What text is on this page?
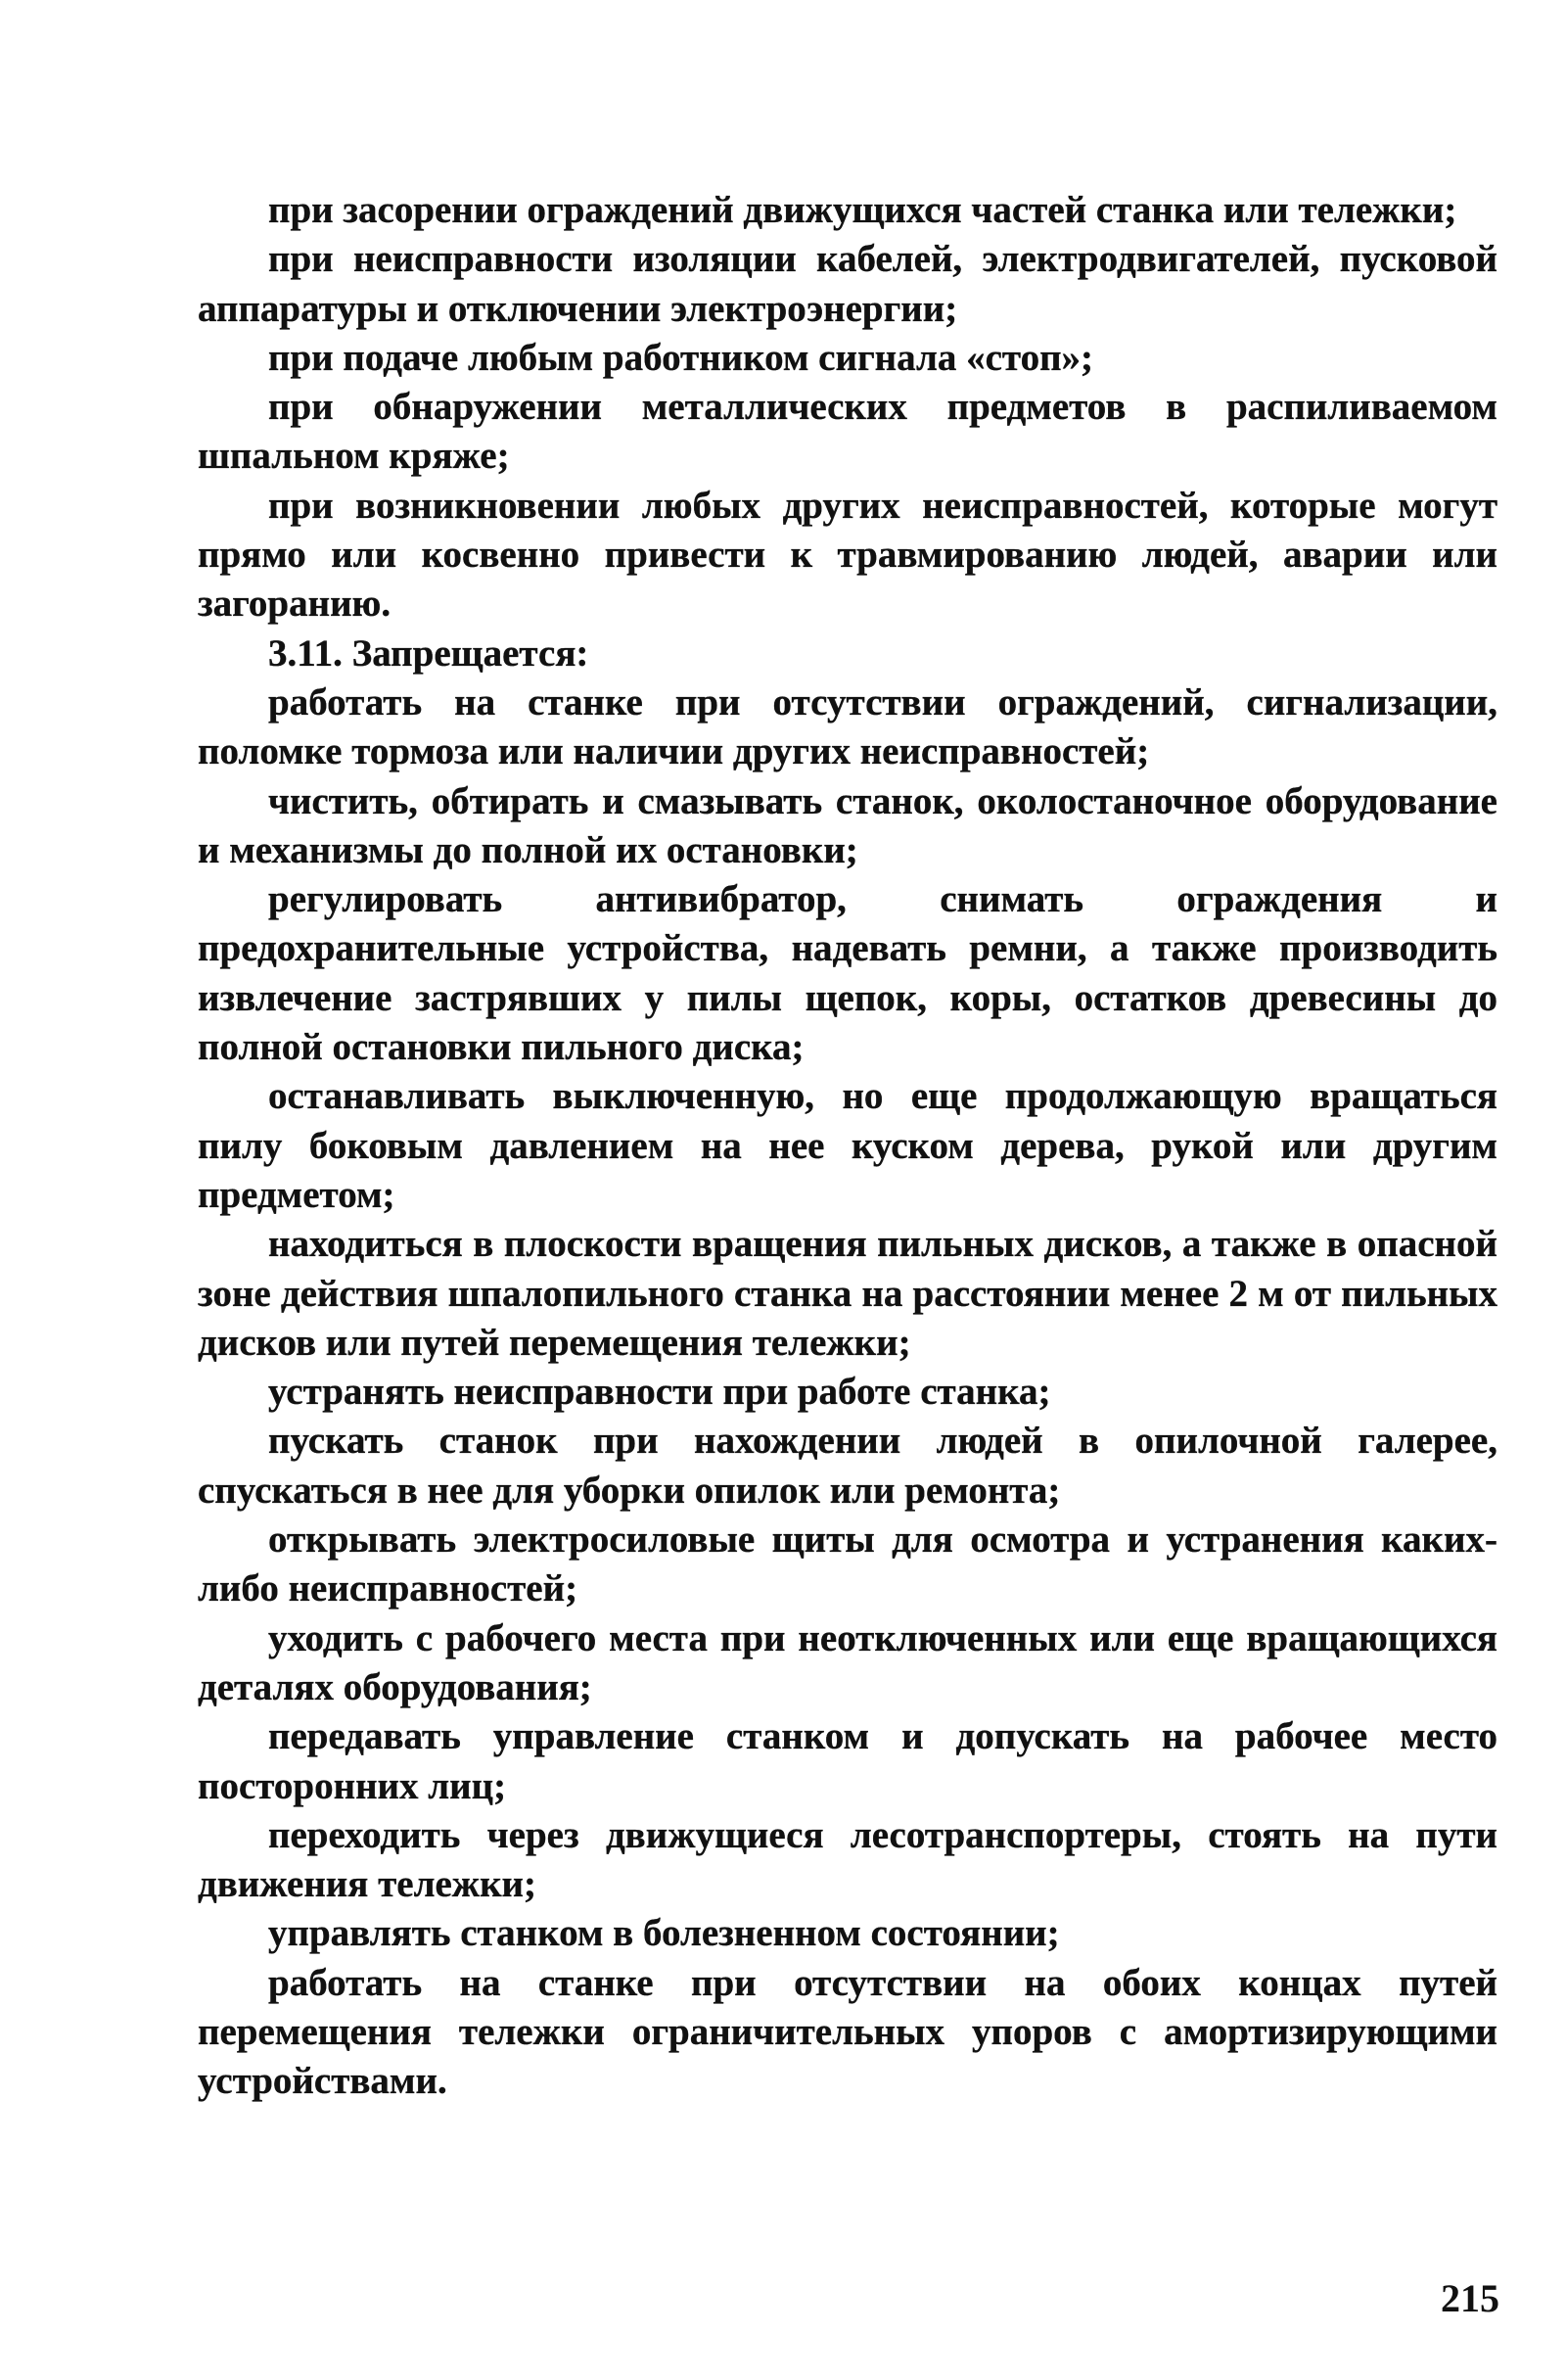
при засорении ограждений движущихся частей станка или тележки;

при неисправности изоляции кабелей, электродвигателей, пусковой аппаратуры и отключении электроэнергии;

при подаче любым работником сигнала «стоп»;

при обнаружении металлических предметов в распиливаемом шпальном кряже;

при возникновении любых других неисправностей, которые могут прямо или косвенно привести к травмированию людей, аварии или загоранию.

3.11. Запрещается:

работать на станке при отсутствии ограждений, сигнализации, поломке тормоза или наличии других неисправностей;

чистить, обтирать и смазывать станок, околостаночное оборудование и механизмы до полной их остановки;

регулировать антивибратор, снимать ограждения и предохранительные устройства, надевать ремни, а также производить извлечение застрявших у пилы щепок, коры, остатков древесины до полной остановки пильного диска;

останавливать выключенную, но еще продолжающую вращаться пилу боковым давлением на нее куском дерева, рукой или другим предметом;

находиться в плоскости вращения пильных дисков, а также в опасной зоне действия шпалопильного станка на расстоянии менее 2 м от пильных дисков или путей перемещения тележки;

устранять неисправности при работе станка;

пускать станок при нахождении людей в опилочной галерее, спускаться в нее для уборки опилок или ремонта;

открывать электросиловые щиты для осмотра и устранения каких-либо неисправностей;

уходить с рабочего места при неотключенных или еще вращающихся деталях оборудования;

передавать управление станком и допускать на рабочее место посторонних лиц;

переходить через движущиеся лесотранспортеры, стоять на пути движения тележки;

управлять станком в болезненном состоянии;

работать на станке при отсутствии на обоих концах путей перемещения тележки ограничительных упоров с амортизирующими устройствами.

215
